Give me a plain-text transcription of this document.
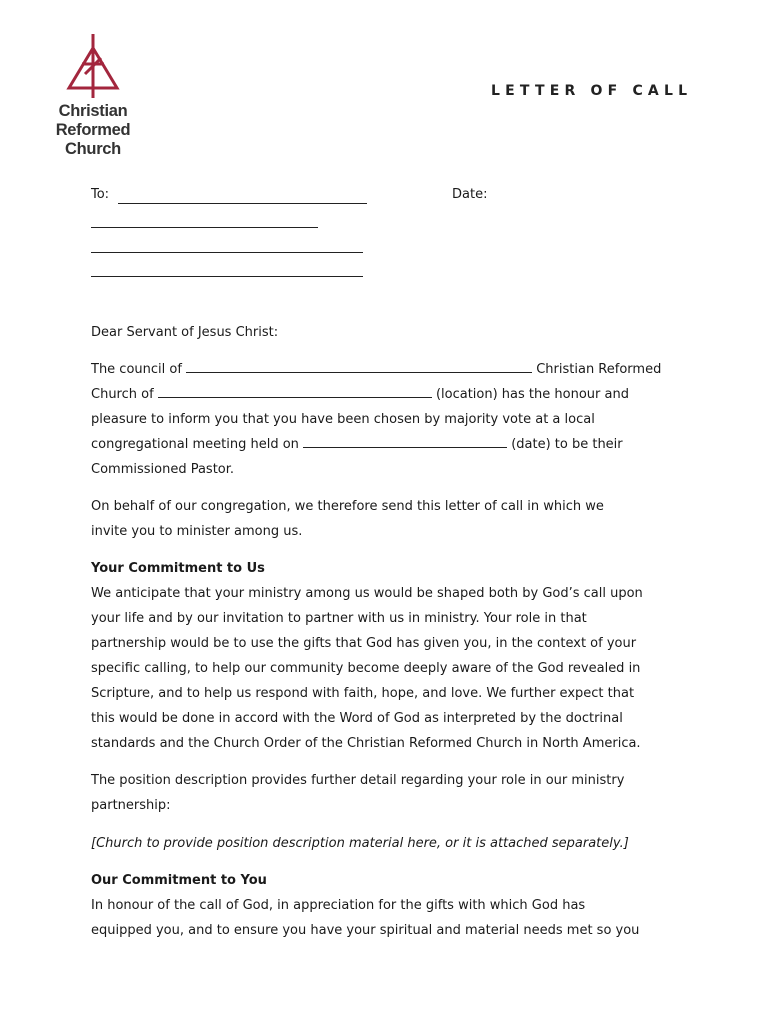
Christian
Reformed
Church
LETTER OF CALL
To:	Date:
Dear Servant of Jesus Christ:
The council of	Christian Reformed
Church of	(location) has the honour and
pleasure to inform you that you have been chosen by majority vote at a local
congregational meeting held on	(date) to be their
Commissioned Pastor.
On behalf of our congregation, we therefore send this letter of call in which we
invite you to minister among us.
Your Commitment to Us
We anticipate that your ministry among us would be shaped both by God’s call upon
your life and by our invitation to partner with us in ministry. Your role in that
partnership would be to use the gifts that God has given you, in the context of your
specific calling, to help our community become deeply aware of the God revealed in
Scripture, and to help us respond with faith, hope, and love. We further expect that
this would be done in accord with the Word of God as interpreted by the doctrinal
standards and the Church Order of the Christian Reformed Church in North America.
The position description provides further detail regarding your role in our ministry
partnership:
[Church to provide position description material here, or it is attached separately.]
Our Commitment to You
In honour of the call of God, in appreciation for the gifts with which God has
equipped you, and to ensure you have your spiritual and material needs met so you
